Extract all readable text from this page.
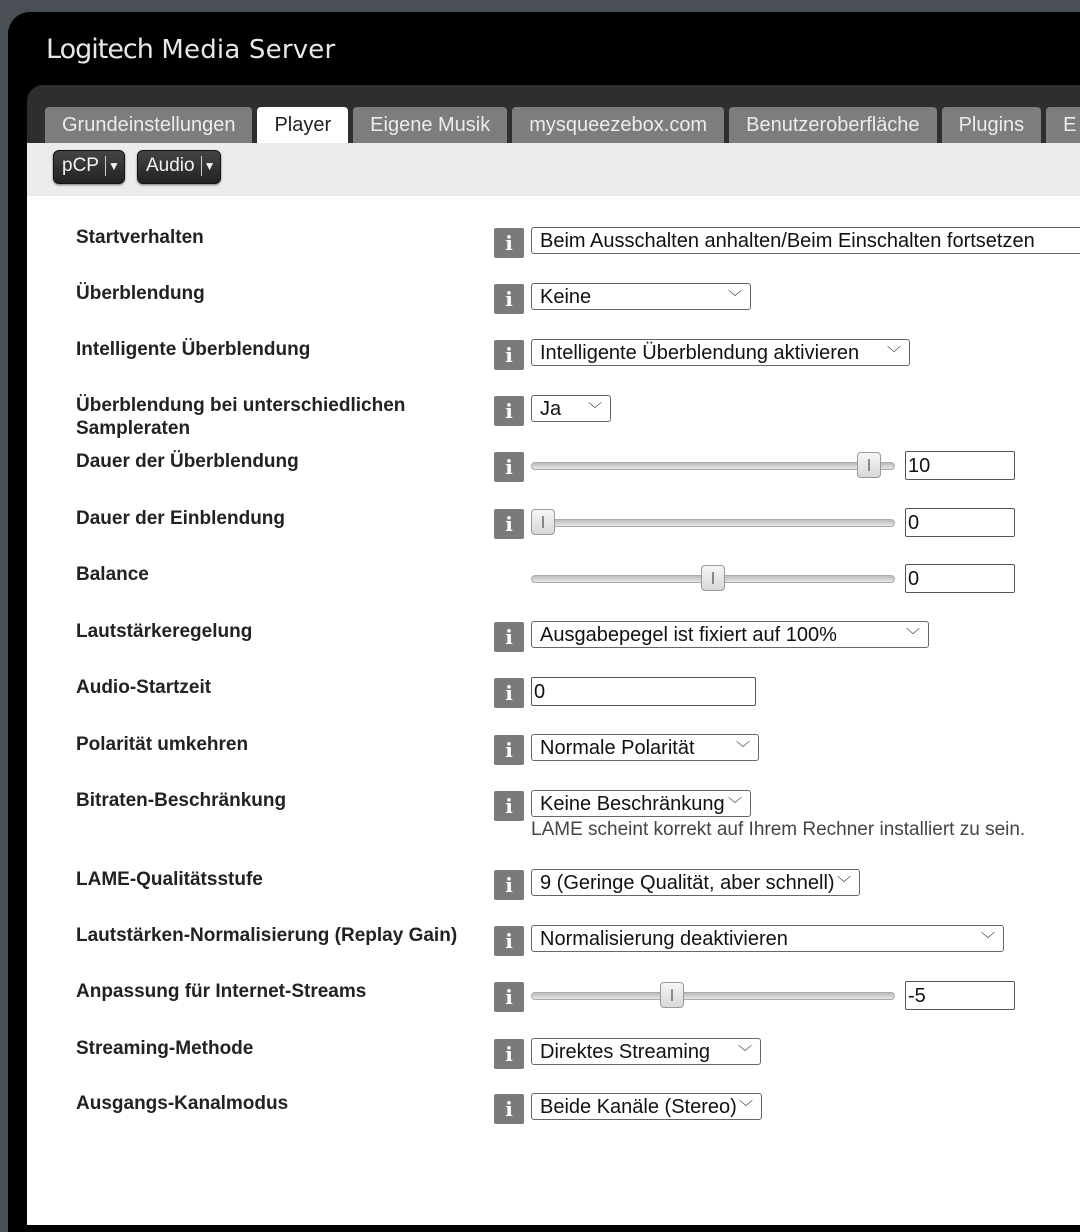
Logitech Media Server
Grundeinstellungen Player Eigene Musik mysqueezebox.com Benutzeroberfläche Plugins E
pCP ▼	Audio ▼
Startverhalten	i	Beim Ausschalten anhalten/Beim Einschalten fortsetzen
Überblendung	i	Keine	﹀
Intelligente Überblendung	i	Intelligente Überblendung aktivieren ﹀
Überblendung bei unterschiedlichen Sampleraten
i	Ja ﹀
Dauer der Überblendung	i	10
Dauer der Einblendung	i	0
Balance	0
Lautstärkeregelung	i	Ausgabepegel ist fixiert auf 100%	﹀
Audio-Startzeit	i	0
Polarität umkehren	i	Normale Polarität	﹀
Bitraten-Beschränkung	i	Keine Beschränkung ﹀
LAME scheint korrekt auf Ihrem Rechner installiert zu sein.
LAME-Qualitätsstufe	i	9 (Geringe Qualität, aber schnell) ﹀
Lautstärken-Normalisierung (Replay Gain)	i	Normalisierung deaktivieren	﹀
Anpassung für Internet-Streams	i	-5
Streaming-Methode	i	Direktes Streaming ﹀
Ausgangs-Kanalmodus	i	Beide Kanäle (Stereo) ﹀
